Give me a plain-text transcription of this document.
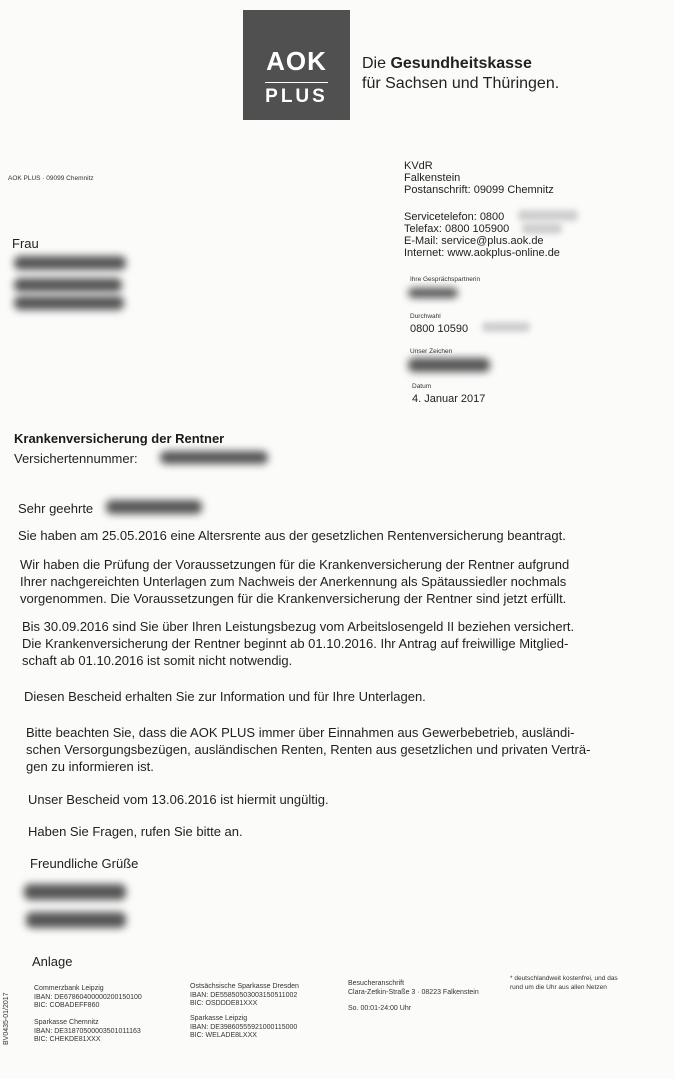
AOK
PLUS
Die Gesundheitskasse
für Sachsen und Thüringen.
AOK PLUS · 09099 Chemnitz
Frau
KVdR
Falkenstein
Postanschrift: 09099 Chemnitz
Servicetelefon: 0800
Telefax: 0800 105900
E-Mail: service@plus.aok.de
Internet: www.aokplus-online.de
Ihre Gesprächspartnerin
Durchwahl
0800 10590
Unser Zeichen
Datum
4. Januar 2017
Krankenversicherung der Rentner
Versichertennummer:
Sehr geehrte
Sie haben am 25.05.2016 eine Altersrente aus der gesetzlichen Rentenversicherung beantragt.
Wir haben die Prüfung der Voraussetzungen für die Krankenversicherung der Rentner aufgrund
Ihrer nachgereichten Unterlagen zum Nachweis der Anerkennung als Spätaussiedler nochmals
vorgenommen. Die Voraussetzungen für die Krankenversicherung der Rentner sind jetzt erfüllt.
Bis 30.09.2016 sind Sie über Ihren Leistungsbezug vom Arbeitslosengeld II beziehen versichert.
Die Krankenversicherung der Rentner beginnt ab 01.10.2016. Ihr Antrag auf freiwillige Mitglied-
schaft ab 01.10.2016 ist somit nicht notwendig.
Diesen Bescheid erhalten Sie zur Information und für Ihre Unterlagen.
Bitte beachten Sie, dass die AOK PLUS immer über Einnahmen aus Gewerbebetrieb, ausländi-
schen Versorgungsbezügen, ausländischen Renten, Renten aus gesetzlichen und privaten Verträ-
gen zu informieren ist.
Unser Bescheid vom 13.06.2016 ist hiermit ungültig.
Haben Sie Fragen, rufen Sie bitte an.
Freundliche Grüße
Anlage
BV0435-01/2017
Commerzbank Leipzig
IBAN: DE67860400000200150100
BIC: COBADEFF860
Sparkasse Chemnitz
IBAN: DE31870500003501011163
BIC: CHEKDE81XXX
Ostsächsische Sparkasse Dresden
IBAN: DE55850503003150511002
BIC: OSDDDE81XXX
Sparkasse Leipzig
IBAN: DE39860555921000115000
BIC: WELADE8LXXX
Besucheranschrift
Clara-Zetkin-Straße 3 · 08223 Falkenstein
So. 00:01-24:00 Uhr
* deutschlandweit kostenfrei, und das
rund um die Uhr aus allen Netzen
